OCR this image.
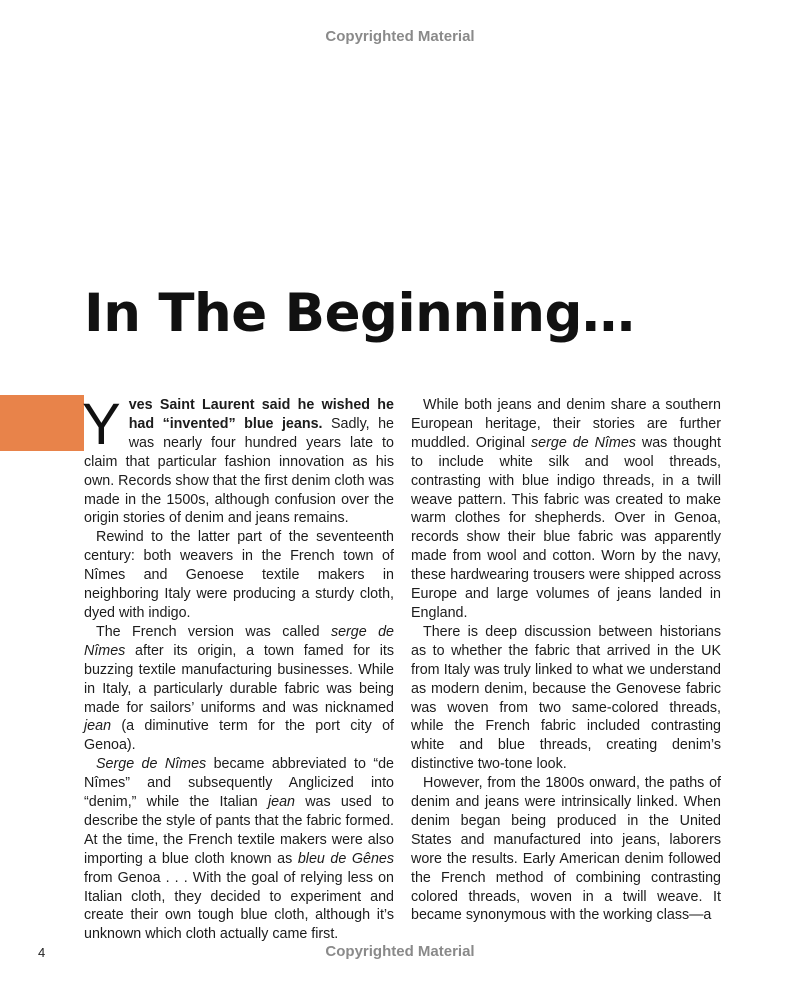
Copyrighted Material
In The Beginning…

Yves Saint Laurent said he wished he had “invented” blue jeans. Sadly, he was nearly four hundred years late to claim that particular fashion innovation as his own. Records show that the first denim cloth was made in the 1500s, although confusion over the origin stories of denim and jeans remains.

Rewind to the latter part of the seventeenth century: both weavers in the French town of Nîmes and Genoese textile makers in neighboring Italy were producing a sturdy cloth, dyed with indigo.

The French version was called serge de Nîmes after its origin, a town famed for its buzzing textile manufacturing businesses. While in Italy, a particularly durable fabric was being made for sailors’ uniforms and was nicknamed jean (a diminutive term for the port city of Genoa).

Serge de Nîmes became abbreviated to “de Nîmes” and subsequently Anglicized into “denim,” while the Italian jean was used to describe the style of pants that the fabric formed. At the time, the French textile makers were also importing a blue cloth known as bleu de Gênes from Genoa . . . With the goal of relying less on Italian cloth, they decided to experiment and create their own tough blue cloth, although it’s unknown which cloth actually came first.

While both jeans and denim share a southern European heritage, their stories are further muddled. Original serge de Nîmes was thought to include white silk and wool threads, contrasting with blue indigo threads, in a twill weave pattern. This fabric was created to make warm clothes for shepherds. Over in Genoa, records show their blue fabric was apparently made from wool and cotton. Worn by the navy, these hardwearing trousers were shipped across Europe and large volumes of jeans landed in England.

There is deep discussion between historians as to whether the fabric that arrived in the UK from Italy was truly linked to what we understand as modern denim, because the Genovese fabric was woven from two same-colored threads, while the French fabric included contrasting white and blue threads, creating denim’s distinctive two-tone look.

However, from the 1800s onward, the paths of denim and jeans were intrinsically linked. When denim began being produced in the United States and manufactured into jeans, laborers wore the results. Early American denim followed the French method of combining contrasting colored threads, woven in a twill weave. It became synonymous with the working class—a

4	Copyrighted Material
